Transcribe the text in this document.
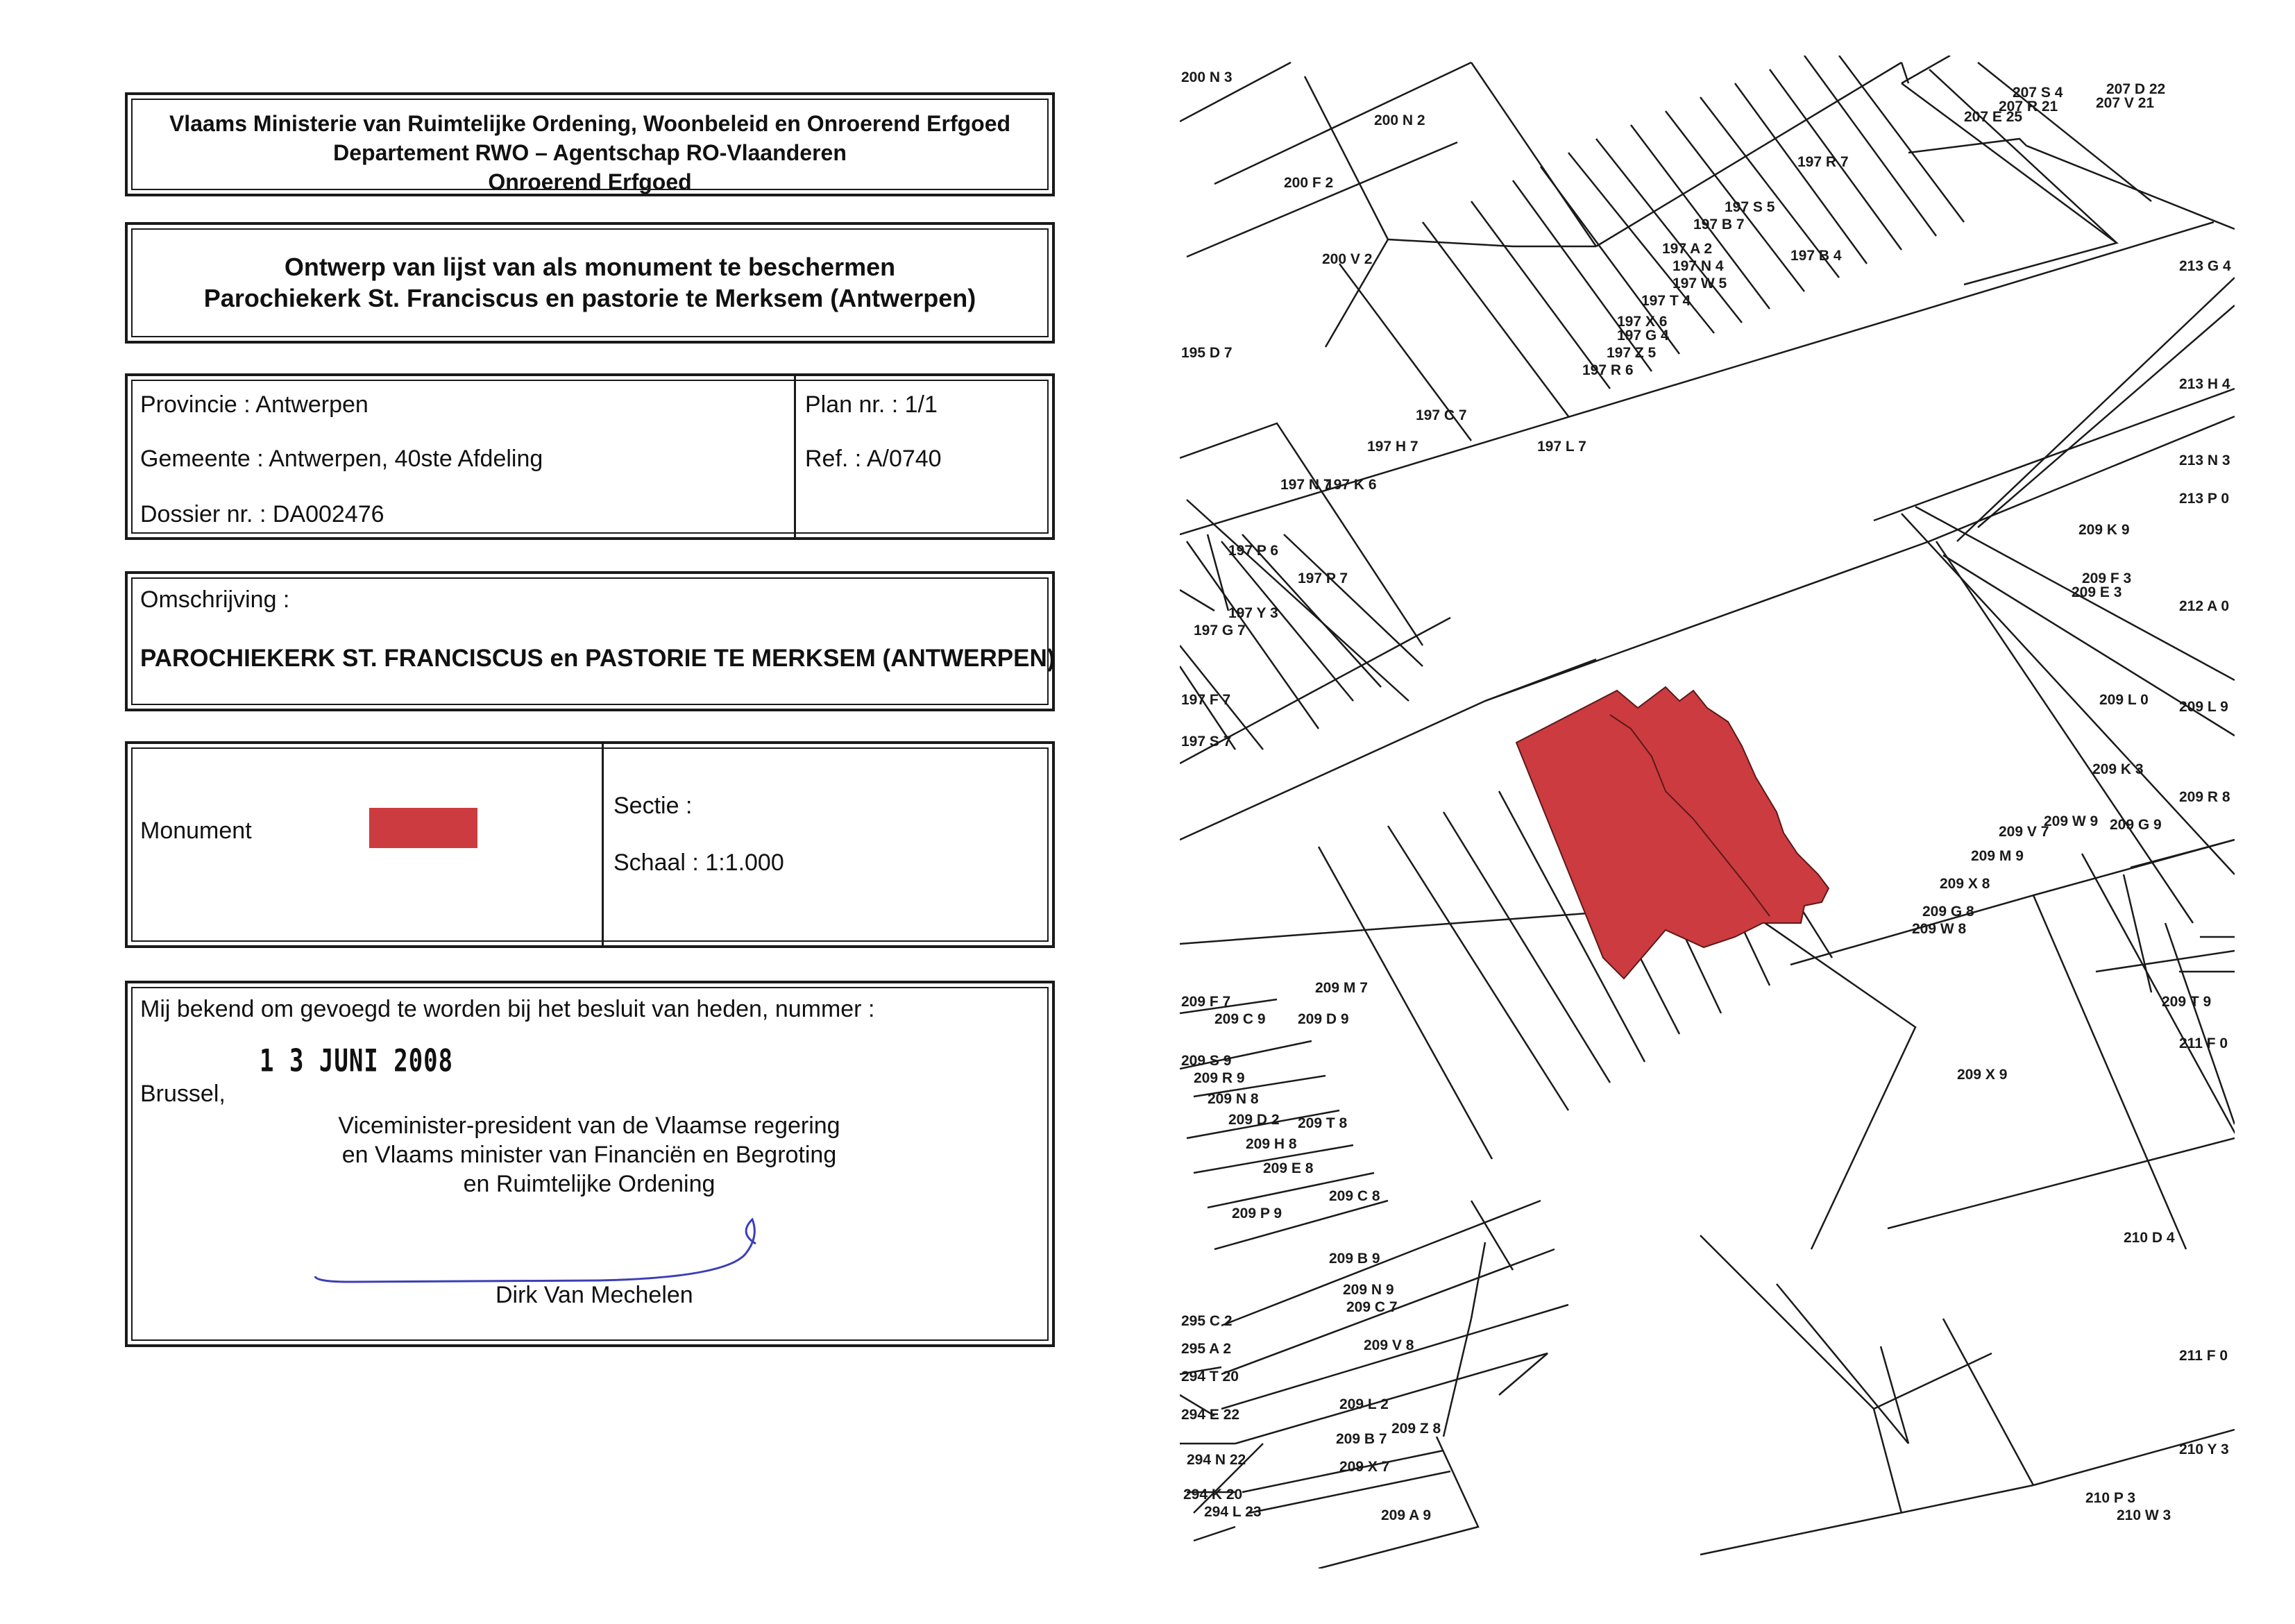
Vlaams Ministerie van Ruimtelijke Ordening, Woonbeleid en Onroerend Erfgoed
Departement RWO – Agentschap RO-Vlaanderen
Onroerend Erfgoed
Ontwerp van lijst van als monument te beschermen
Parochiekerk St. Franciscus en pastorie te Merksem (Antwerpen)
Provincie : Antwerpen
Gemeente : Antwerpen, 40ste Afdeling
Dossier nr. : DA002476
Plan nr. : 1/1
Ref. : A/0740
Omschrijving :
PAROCHIEKERK ST. FRANCISCUS en PASTORIE TE MERKSEM (ANTWERPEN)
Monument
Sectie :
Schaal : 1:1.000
Mij bekend om gevoegd te worden bij het besluit van heden, nummer :
1 3 JUNI 2008
Brussel,
Viceminister-president van de Vlaamse regering
en Vlaams minister van Financiën en Begroting
en Ruimtelijke Ordening
Dirk Van Mechelen
200 N 3
200 N 2
200 F 2
200 V 2
197 R 7
197 S 5
197 B 7
197 A 2	197 B 4
197 N 4
197 W 5
197 T 4
197 X 6
197 G 4
197 Z 5
197 R 6
195 D 7
197 C 7
197 H 7	197 L 7
197 N 7
197 K 6
197 P 6
197 P 7
197 Y 3
197 G 7
197 F 7
197 S 7
207 S 4	207 D 22
207 R 21	207 V 21
207 E 25
213 G 4
213 H 4
213 N 3
213 P 0
212 A 0
209 K 9
209 F 3
209 E 3
209 L 0
209 K 3
209 L 9
209 R 8
209 W 9
209 V 7	209 G 9
209 M 9
209 X 8
209 G 8
209 W 8
209 F 7
209 M 7
209 C 9 209 D 9
209 T 9
211 F 0
209 S 9
209 R 9	209 X 9
209 N 8
209 D 2 209 T 8
209 H 8
209 E 8
209 C 8
209 P 9
210 D 4
209 B 9
209 N 9
209 C 7
295 C 2
295 A 2	209 V 8
211 F 0
294 T 20
209 L 2
294 E 22
209 Z 8
209 B 7
210 Y 3
294 N 22	209 X 7
294 K 20
294 L 23	209 A 9
210 P 3
210 W 3
